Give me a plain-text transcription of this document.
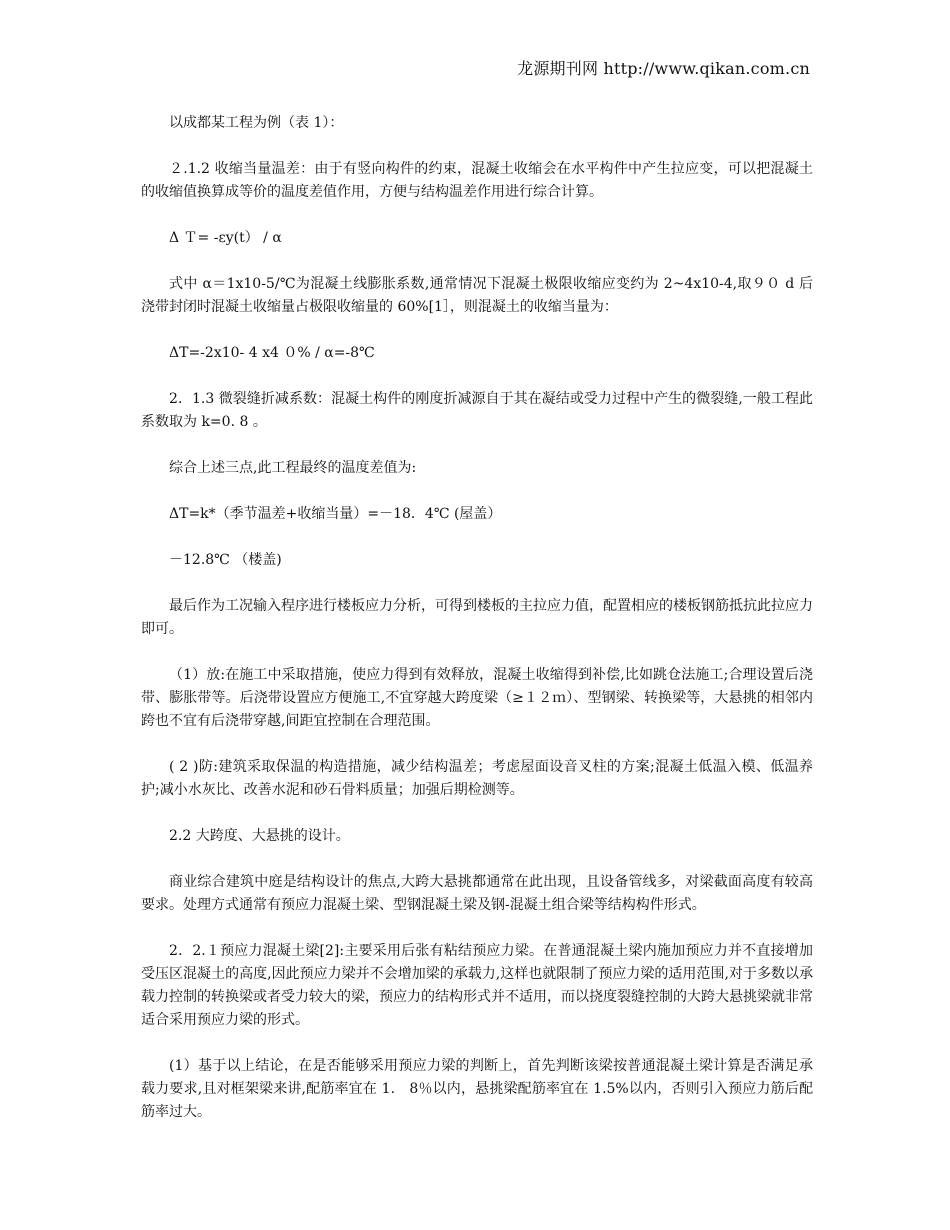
龙源期刊网 http://www.qikan.com.cn

以成都某工程为例（表 1）：

２.1.2 收缩当量温差：由于有竖向构件的约束，混凝土收缩会在水平构件中产生拉应变，可以把混凝土的收缩值换算成等价的温度差值作用，方便与结构温差作用进行综合计算。

Δ Ｔ= -εy(t） / α

式中 α＝1x10-5/℃为混凝土线膨胀系数,通常情况下混凝土极限收缩应变约为 2~4x10-4,取９０ d 后浇带封闭时混凝土收缩量占极限收缩量的 60%[1］，则混凝土的收缩当量为：

ΔT=-2x10- 4 x4 ０% / α=-8℃

2．1.3 微裂缝折减系数：混凝土构件的刚度折减源自于其在凝结或受力过程中产生的微裂缝,一般工程此系数取为 k=0. 8 。

综合上述三点,此工程最终的温度差值为:

ΔT=k*（季节温差+收缩当量）=－18．4℃ (屋盖）

－12.8℃ （楼盖)

最后作为工况输入程序进行楼板应力分析，可得到楼板的主拉应力值，配置相应的楼板钢筋抵抗此拉应力即可。

（1）放:在施工中采取措施，使应力得到有效释放，混凝土收缩得到补偿,比如跳仓法施工;合理设置后浇带、膨胀带等。后浇带设置应方便施工,不宜穿越大跨度梁（≥１２ｍ）、型钢梁、转换梁等，大悬挑的相邻内跨也不宜有后浇带穿越,间距宜控制在合理范围。

( 2 )防:建筑采取保温的构造措施，减少结构温差；考虑屋面设音叉柱的方案;混凝土低温入模、低温养护;减小水灰比、改善水泥和砂石骨料质量；加强后期检测等。

2.2 大跨度、大悬挑的设计。

商业综合建筑中庭是结构设计的焦点,大跨大悬挑都通常在此出现，且设备管线多，对梁截面高度有较高要求。处理方式通常有预应力混凝土梁、型钢混凝土梁及钢-混凝土组合梁等结构构件形式。

2．2.１预应力混凝土梁[2]:主要采用后张有粘结预应力梁。在普通混凝土梁内施加预应力并不直接增加受压区混凝土的高度,因此预应力梁并不会增加梁的承载力,这样也就限制了预应力梁的适用范围,对于多数以承载力控制的转换梁或者受力较大的梁，预应力的结构形式并不适用，而以挠度裂缝控制的大跨大悬挑梁就非常适合采用预应力梁的形式。

(1）基于以上结论，在是否能够采用预应力梁的判断上，首先判断该梁按普通混凝土梁计算是否满足承载力要求,且对框架梁来讲,配筋率宜在 1.　8％以内，悬挑梁配筋率宜在 1.5%以内，否则引入预应力筋后配筋率过大。
